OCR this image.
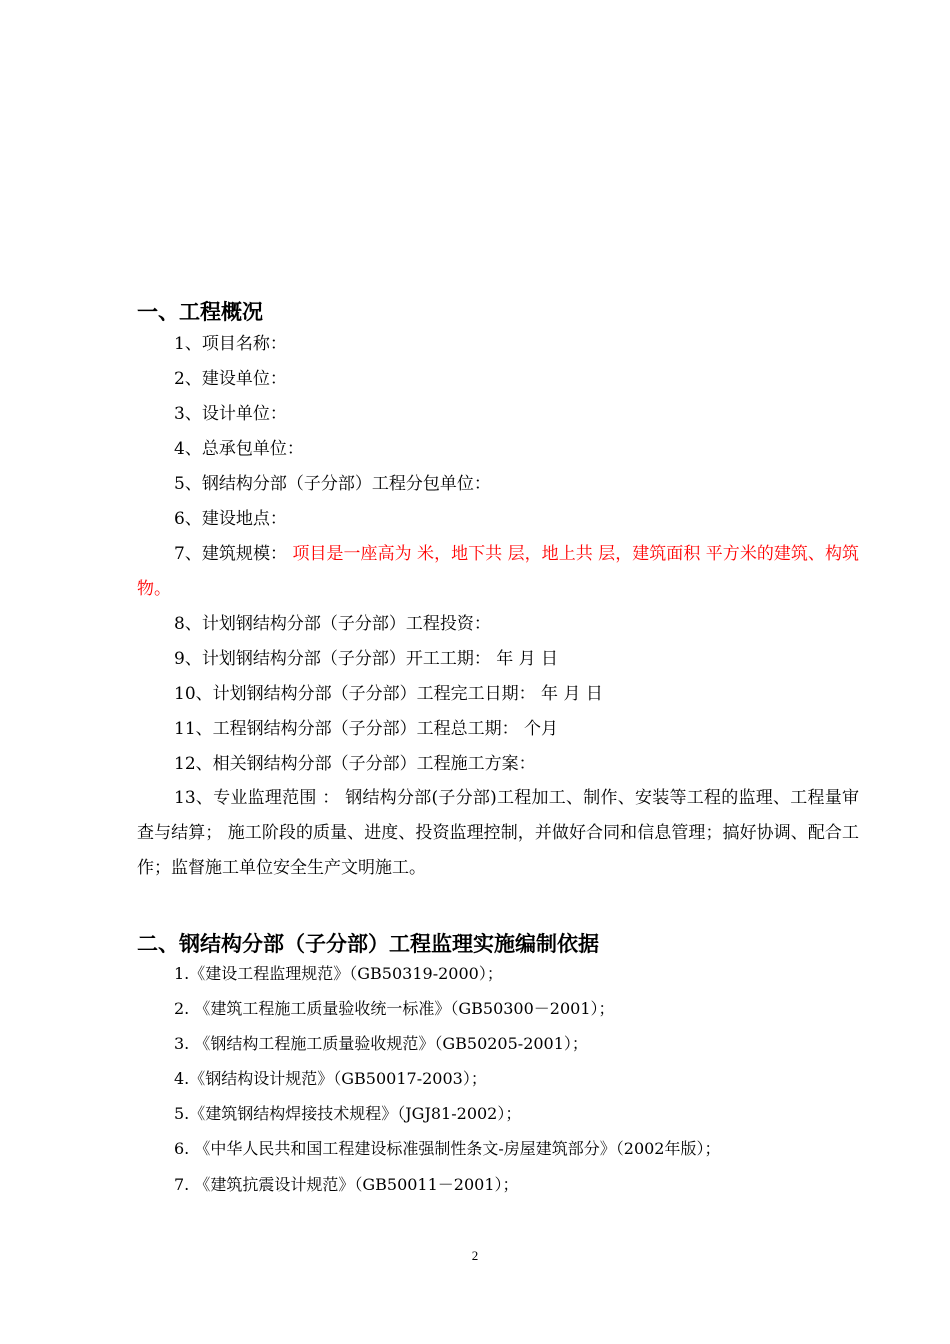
一、工程概况
1、项目名称：
2、建设单位：
3、设计单位：
4、总承包单位：
5、钢结构分部（子分部）工程分包单位：
6、建设地点：
7、建筑规模： 项目是一座高为 米，地下共 层，地上共 层，建筑面积 平方米的建筑、构筑物。
8、计划钢结构分部（子分部）工程投资：
9、计划钢结构分部（子分部）开工工期： 年 月 日
10、计划钢结构分部（子分部）工程完工日期： 年 月 日
11、工程钢结构分部（子分部）工程总工期： 个月
12、相关钢结构分部（子分部）工程施工方案：
13、专业监理范围 ： 钢结构分部(子分部)工程加工、制作、安装等工程的监理、工程量审查与结算； 施工阶段的质量、进度、投资监理控制，并做好合同和信息管理；搞好协调、配合工作；监督施工单位安全生产文明施工。
二、钢结构分部（子分部）工程监理实施编制依据
1.《建设工程监理规范》（GB50319-2000）；
2. 《建筑工程施工质量验收统一标准》（GB50300－2001）；
3. 《钢结构工程施工质量验收规范》（GB50205-2001）；
4.《钢结构设计规范》（GB50017-2003）；
5.《建筑钢结构焊接技术规程》（JGJ81-2002）；
6. 《中华人民共和国工程建设标准强制性条文-房屋建筑部分》（2002年版）；
7. 《建筑抗震设计规范》（GB50011－2001）；
2
